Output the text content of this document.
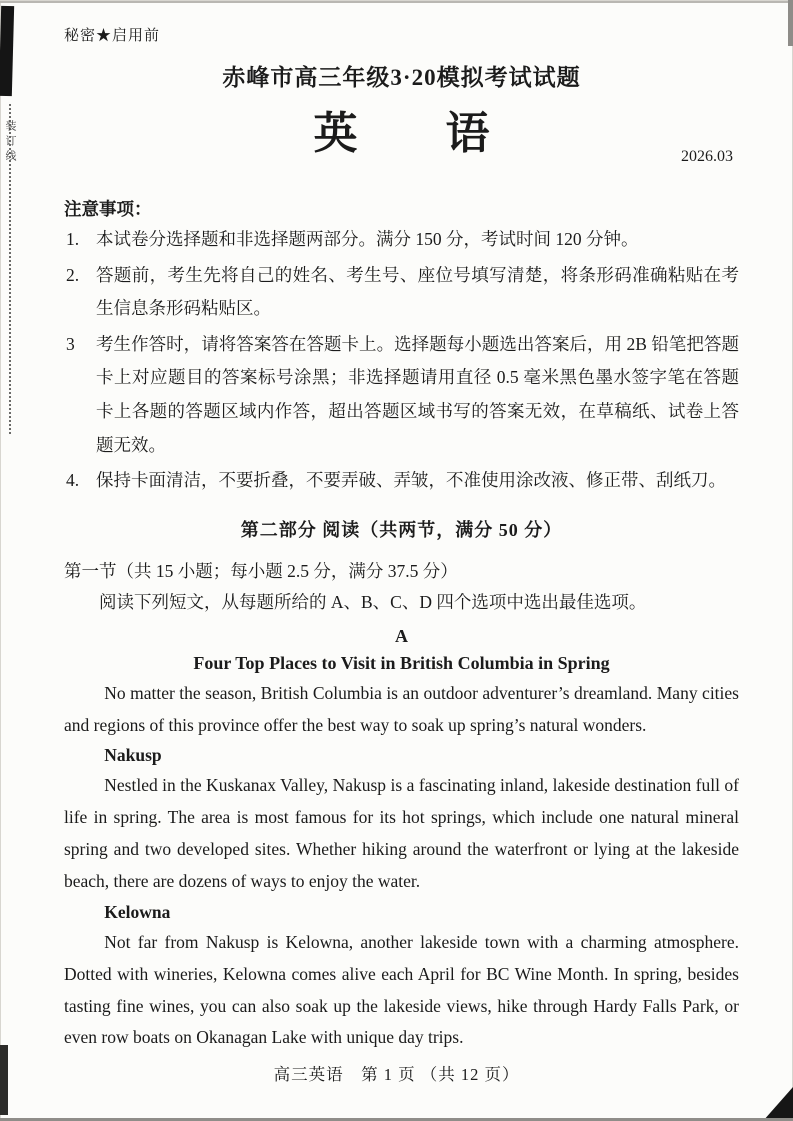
装订线
秘密★启用前
赤峰市高三年级3·20模拟考试试题
英　　语	2026.03
注意事项：
1. 本试卷分选择题和非选择题两部分。满分 150 分，考试时间 120 分钟。
2. 答题前，考生先将自己的姓名、考生号、座位号填写清楚，将条形码准确粘贴在考生信息条形码粘贴区。
3	考生作答时，请将答案答在答题卡上。选择题每小题选出答案后，用 2B 铅笔把答题卡上对应题目的答案标号涂黑；非选择题请用直径 0.5 毫米黑色墨水签字笔在答题卡上各题的答题区域内作答，超出答题区域书写的答案无效，在草稿纸、试卷上答题无效。
4. 保持卡面清洁，不要折叠，不要弄破、弄皱，不准使用涂改液、修正带、刮纸刀。
第二部分 阅读（共两节，满分 50 分）
第一节（共 15 小题；每小题 2.5 分，满分 37.5 分）
阅读下列短文，从每题所给的 A、B、C、D 四个选项中选出最佳选项。
A
Four Top Places to Visit in British Columbia in Spring
No matter the season, British Columbia is an outdoor adventurer’s dreamland. Many cities and regions of this province offer the best way to soak up spring’s natural wonders.
Nakusp
Nestled in the Kuskanax Valley, Nakusp is a fascinating inland, lakeside destination full of life in spring. The area is most famous for its hot springs, which include one natural mineral spring and two developed sites. Whether hiking around the waterfront or lying at the lakeside beach, there are dozens of ways to enjoy the water.
Kelowna
Not far from Nakusp is Kelowna, another lakeside town with a charming atmosphere. Dotted with wineries, Kelowna comes alive each April for BC Wine Month. In spring, besides tasting fine wines, you can also soak up the lakeside views, hike through Hardy Falls Park, or even row boats on Okanagan Lake with unique day trips.
高三英语　第 1 页 （共 12 页）
